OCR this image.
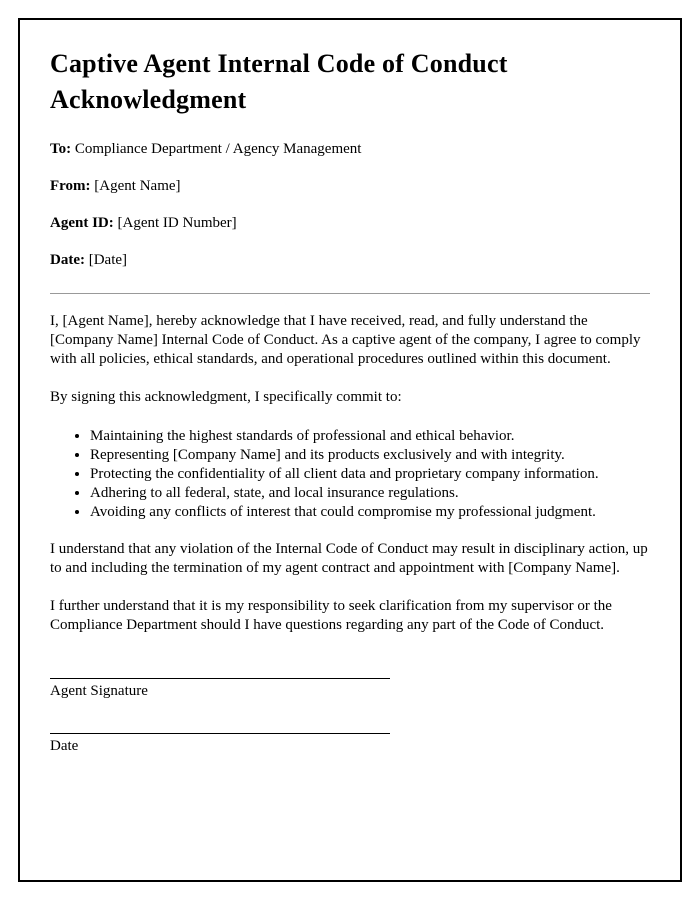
Captive Agent Internal Code of Conduct Acknowledgment

To: Compliance Department / Agency Management

From: [Agent Name]

Agent ID: [Agent ID Number]

Date: [Date]

I, [Agent Name], hereby acknowledge that I have received, read, and fully understand the [Company Name] Internal Code of Conduct. As a captive agent of the company, I agree to comply with all policies, ethical standards, and operational procedures outlined within this document.

By signing this acknowledgment, I specifically commit to:

• Maintaining the highest standards of professional and ethical behavior.
• Representing [Company Name] and its products exclusively and with integrity.
• Protecting the confidentiality of all client data and proprietary company information.
• Adhering to all federal, state, and local insurance regulations.
• Avoiding any conflicts of interest that could compromise my professional judgment.

I understand that any violation of the Internal Code of Conduct may result in disciplinary action, up to and including the termination of my agent contract and appointment with [Company Name].

I further understand that it is my responsibility to seek clarification from my supervisor or the Compliance Department should I have questions regarding any part of the Code of Conduct.

Agent Signature

Date
